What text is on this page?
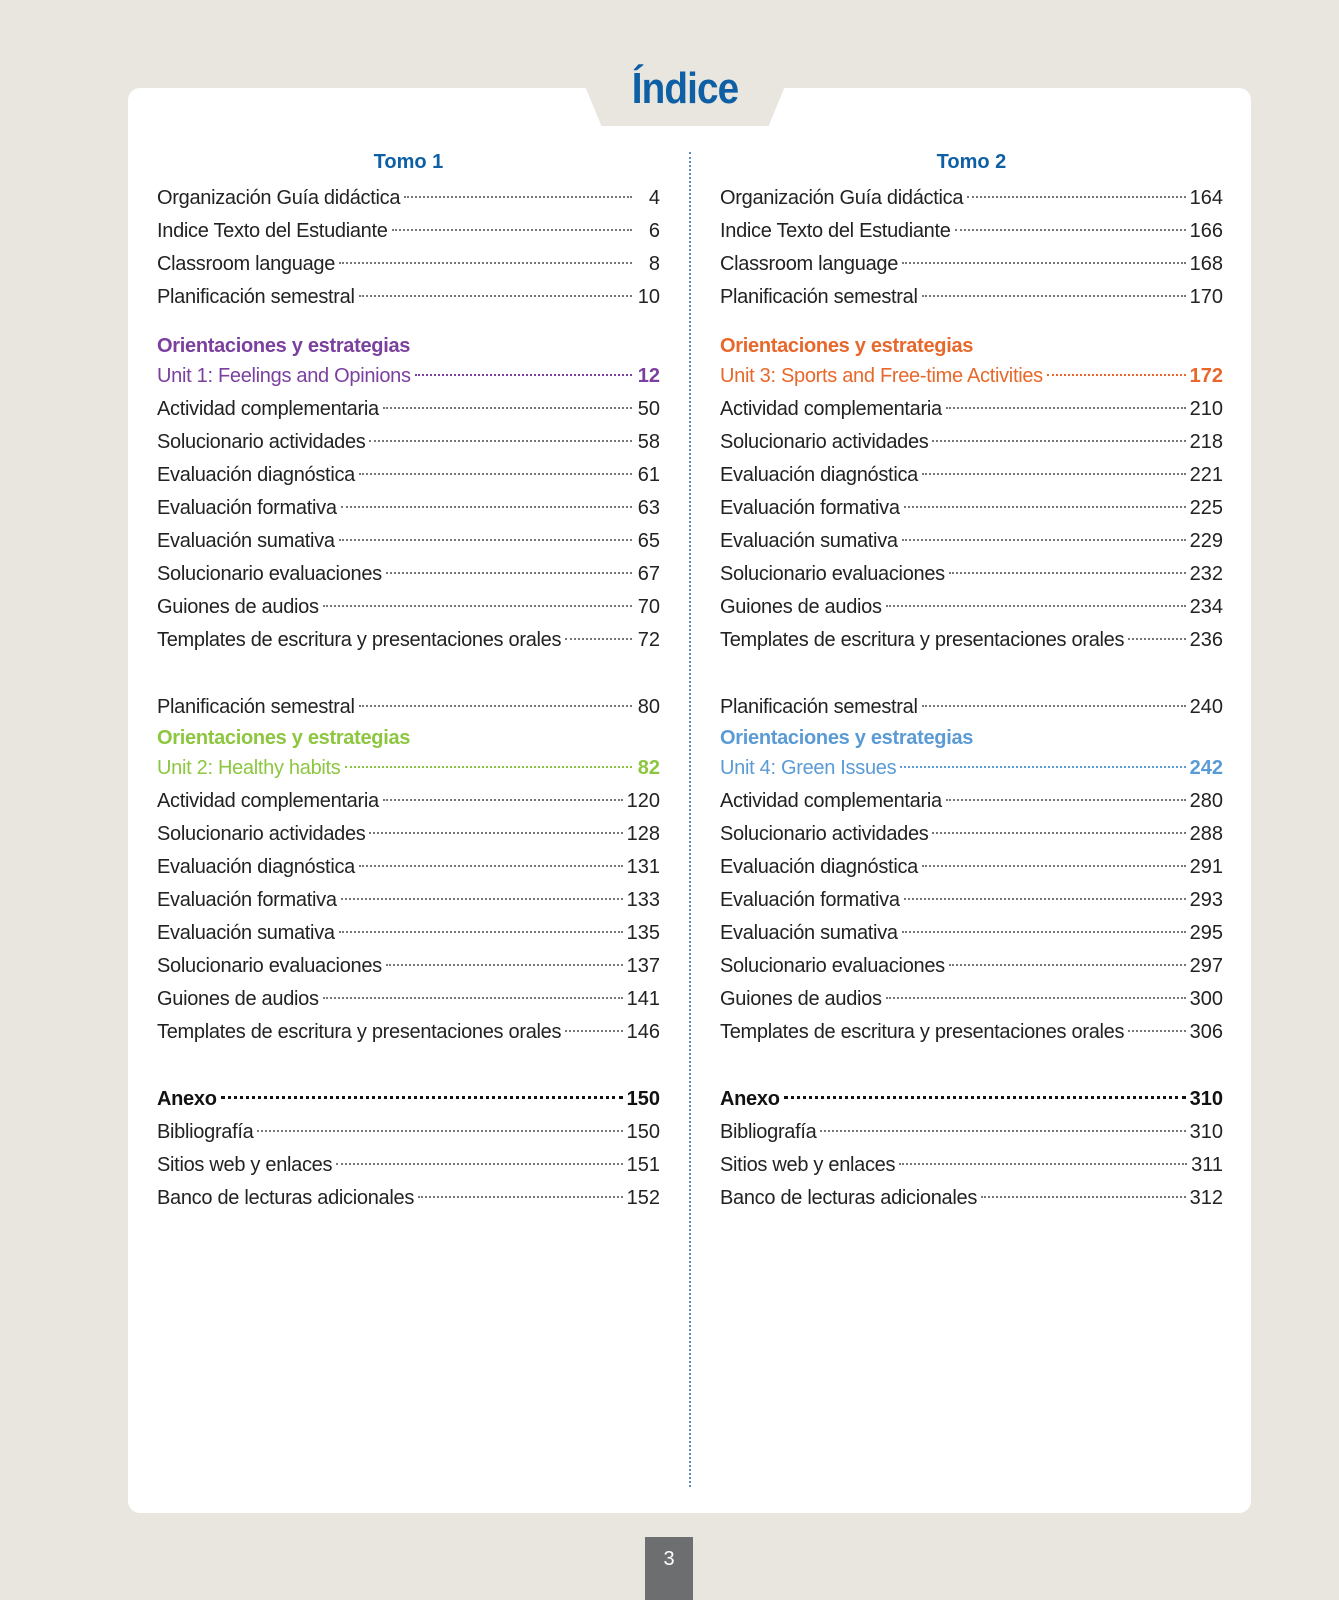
Índice
Tomo 1
Organización Guía didáctica	4
Indice Texto del Estudiante	6
Classroom language	8
Planificación semestral	10
Orientaciones y estrategias
Unit 1: Feelings and Opinions	12
Actividad complementaria	50
Solucionario actividades	58
Evaluación diagnóstica	61
Evaluación formativa	63
Evaluación sumativa	65
Solucionario evaluaciones	67
Guiones de audios	70
Templates de escritura y presentaciones orales	72
Planificación semestral	80
Orientaciones y estrategias
Unit 2: Healthy habits	82
Actividad complementaria	120
Solucionario actividades	128
Evaluación diagnóstica	131
Evaluación formativa	133
Evaluación sumativa	135
Solucionario evaluaciones	137
Guiones de audios	141
Templates de escritura y presentaciones orales	146
Anexo	150
Bibliografía	150
Sitios web y enlaces	151
Banco de lecturas adicionales	152
Tomo 2
Organización Guía didáctica	164
Indice Texto del Estudiante	166
Classroom language	168
Planificación semestral	170
Orientaciones y estrategias
Unit 3: Sports and Free-time Activities	172
Actividad complementaria	210
Solucionario actividades	218
Evaluación diagnóstica	221
Evaluación formativa	225
Evaluación sumativa	229
Solucionario evaluaciones	232
Guiones de audios	234
Templates de escritura y presentaciones orales	236
Planificación semestral	240
Orientaciones y estrategias
Unit 4: Green Issues	242
Actividad complementaria	280
Solucionario actividades	288
Evaluación diagnóstica	291
Evaluación formativa	293
Evaluación sumativa	295
Solucionario evaluaciones	297
Guiones de audios	300
Templates de escritura y presentaciones orales	306
Anexo	310
Bibliografía	310
Sitios web y enlaces	311
Banco de lecturas adicionales	312
3
